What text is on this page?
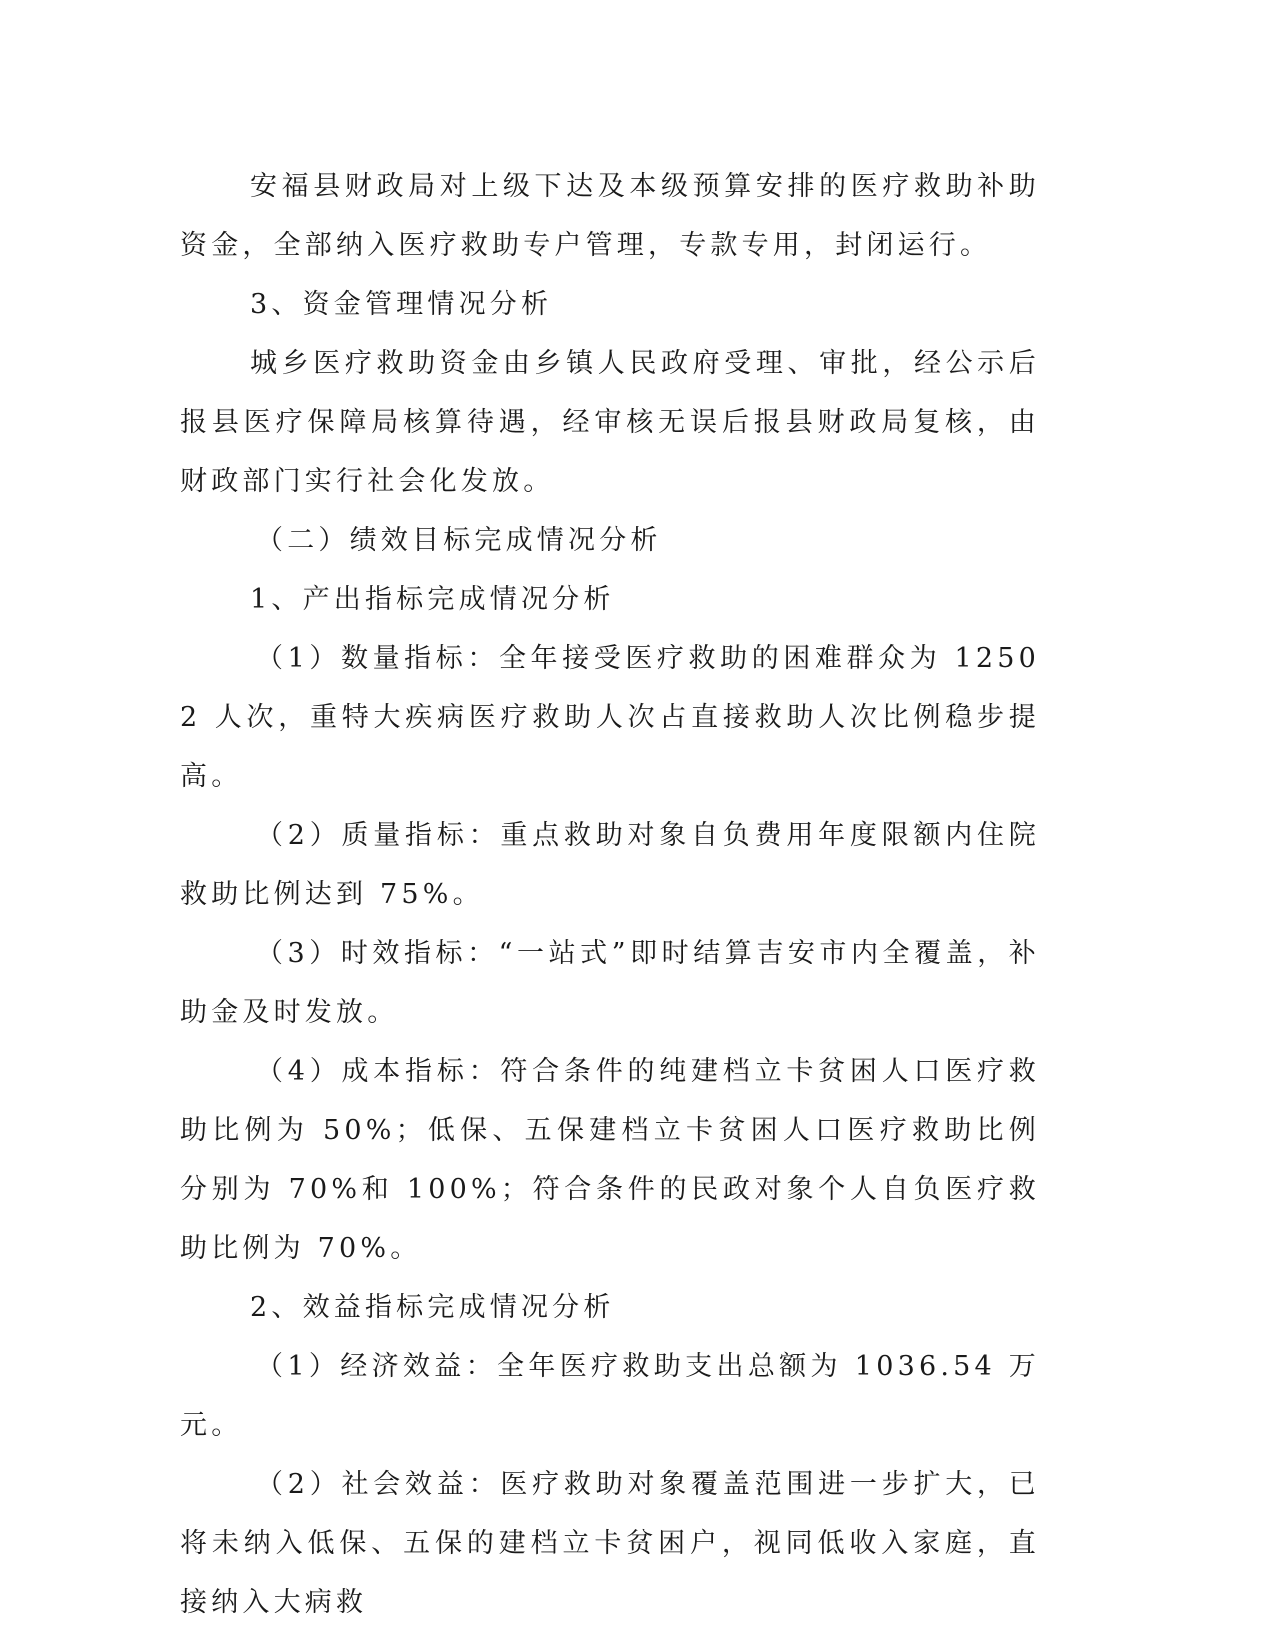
安福县财政局对上级下达及本级预算安排的医疗救助补助资金，全部纳入医疗救助专户管理，专款专用，封闭运行。

3、资金管理情况分析

城乡医疗救助资金由乡镇人民政府受理、审批，经公示后报县医疗保障局核算待遇，经审核无误后报县财政局复核，由财政部门实行社会化发放。

（二）绩效目标完成情况分析

1、产出指标完成情况分析

（1）数量指标：全年接受医疗救助的困难群众为 12502 人次，重特大疾病医疗救助人次占直接救助人次比例稳步提高。

（2）质量指标：重点救助对象自负费用年度限额内住院救助比例达到 75%。

（3）时效指标：“一站式”即时结算吉安市内全覆盖，补助金及时发放。

（4）成本指标：符合条件的纯建档立卡贫困人口医疗救助比例为 50%；低保、五保建档立卡贫困人口医疗救助比例分别为 70%和 100%；符合条件的民政对象个人自负医疗救助比例为 70%。

2、效益指标完成情况分析

（1）经济效益：全年医疗救助支出总额为 1036.54 万元。

（2）社会效益：医疗救助对象覆盖范围进一步扩大，已将未纳入低保、五保的建档立卡贫困户，视同低收入家庭，直接纳入大病救
